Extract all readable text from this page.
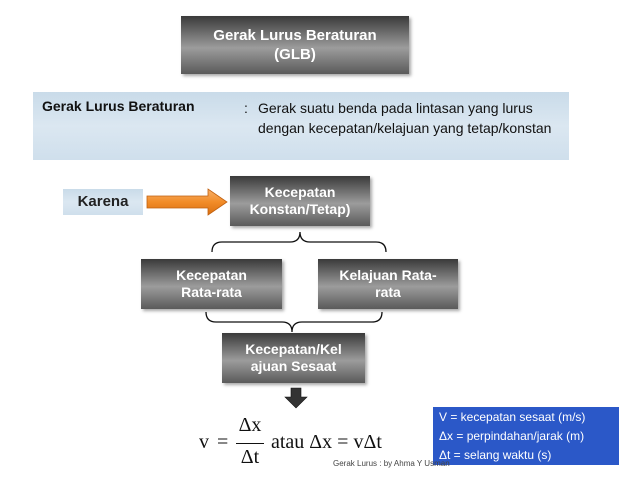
Gerak Lurus Beraturan
(GLB)
Gerak Lurus Beraturan	: Gerak suatu benda pada lintasan yang lurus dengan kecepatan/kelajuan yang tetap/konstan
Karena
Kecepatan
Konstan/Tetap)
Kecepatan
Rata-rata
Kelajuan Rata-
rata
Kecepatan/Kel
ajuan Sesaat
v =
Δx
Δt
atau Δx = vΔt
V = kecepatan sesaat (m/s)
Δx = perpindahan/jarak (m)
Δt = selang waktu (s)
Gerak Lurus : by Ahma Y Usman
